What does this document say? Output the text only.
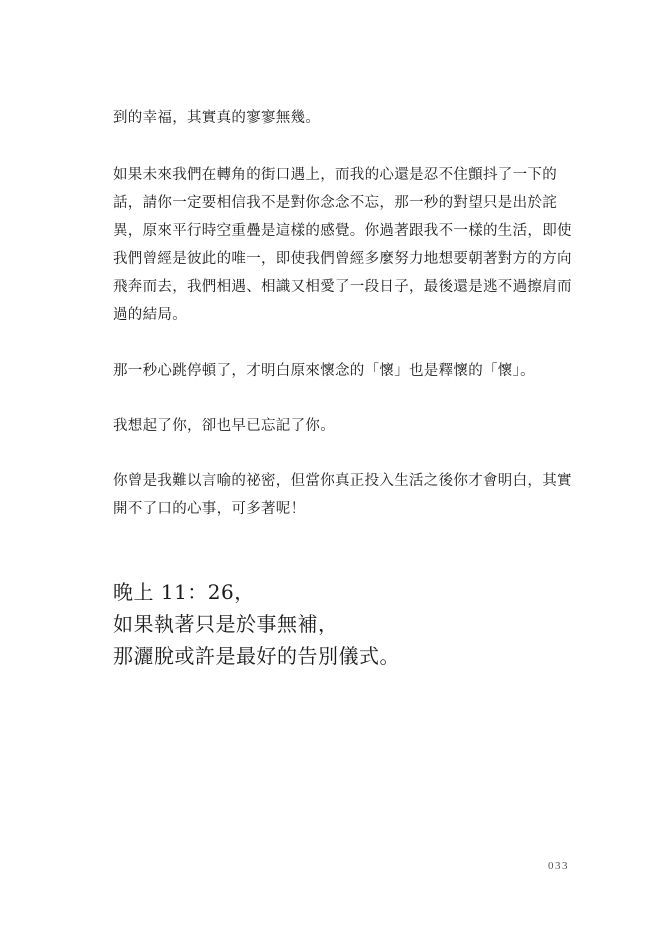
到的幸福，其實真的寥寥無幾。

如果未來我們在轉角的街口遇上，而我的心還是忍不住顫抖了一下的話，請你一定要相信我不是對你念念不忘，那一秒的對望只是出於詫異，原來平行時空重疊是這樣的感覺。你過著跟我不一樣的生活，即使我們曾經是彼此的唯一，即使我們曾經多麼努力地想要朝著對方的方向飛奔而去，我們相遇、相識又相愛了一段日子，最後還是逃不過擦肩而過的結局。

那一秒心跳停頓了，才明白原來懷念的「懷」也是釋懷的「懷」。

我想起了你，卻也早已忘記了你。

你曾是我難以言喻的祕密，但當你真正投入生活之後你才會明白，其實開不了口的心事，可多著呢！

晚上 11：26，

如果執著只是於事無補，

那灑脫或許是最好的告別儀式。

033
